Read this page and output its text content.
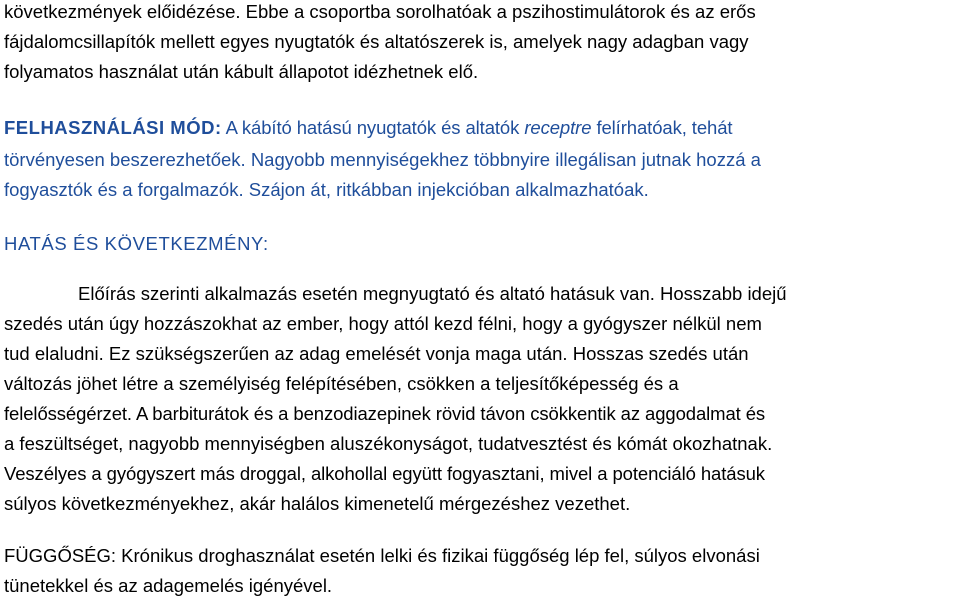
következmények előidézése. Ebbe a csoportba sorolhatóak a pszihostimulátorok és az erős
fájdalomcsillapítók mellett egyes nyugtatók és altatószerek is, amelyek nagy adagban vagy
folyamatos használat után kábult állapotot idézhetnek elő.
FELHASZNÁLÁSI MÓD: A kábító hatású nyugtatók és altatók receptre felírhatóak, tehát
törvényesen beszerezhetőek. Nagyobb mennyiségekhez többnyire illegálisan jutnak hozzá a
fogyasztók és a forgalmazók. Szájon át, ritkábban injekcióban alkalmazhatóak.
HATÁS ÉS KÖVETKEZMÉNY:
Előírás szerinti alkalmazás esetén megnyugtató és altató hatásuk van. Hosszabb idejű
szedés után úgy hozzászokhat az ember, hogy attól kezd félni, hogy a gyógyszer nélkül nem
tud elaludni. Ez szükségszerűen az adag emelését vonja maga után. Hosszas szedés után
változás jöhet létre a személyiség felépítésében, csökken a teljesítőképesség és a
felelősségérzet. A barbiturátok és a benzodiazepinek rövid távon csökkentik az aggodalmat és
a feszültséget, nagyobb mennyiségben aluszékonyságot, tudatvesztést és kómát okozhatnak.
Veszélyes a gyógyszert más droggal, alkohollal együtt fogyasztani, mivel a potenciáló hatásuk
súlyos következményekhez, akár halálos kimenetelű mérgezéshez vezethet.
FÜGGŐSÉG: Krónikus droghasználat esetén lelki és fizikai függőség lép fel, súlyos elvonási
tünetekkel és az adagemelés igényével.
